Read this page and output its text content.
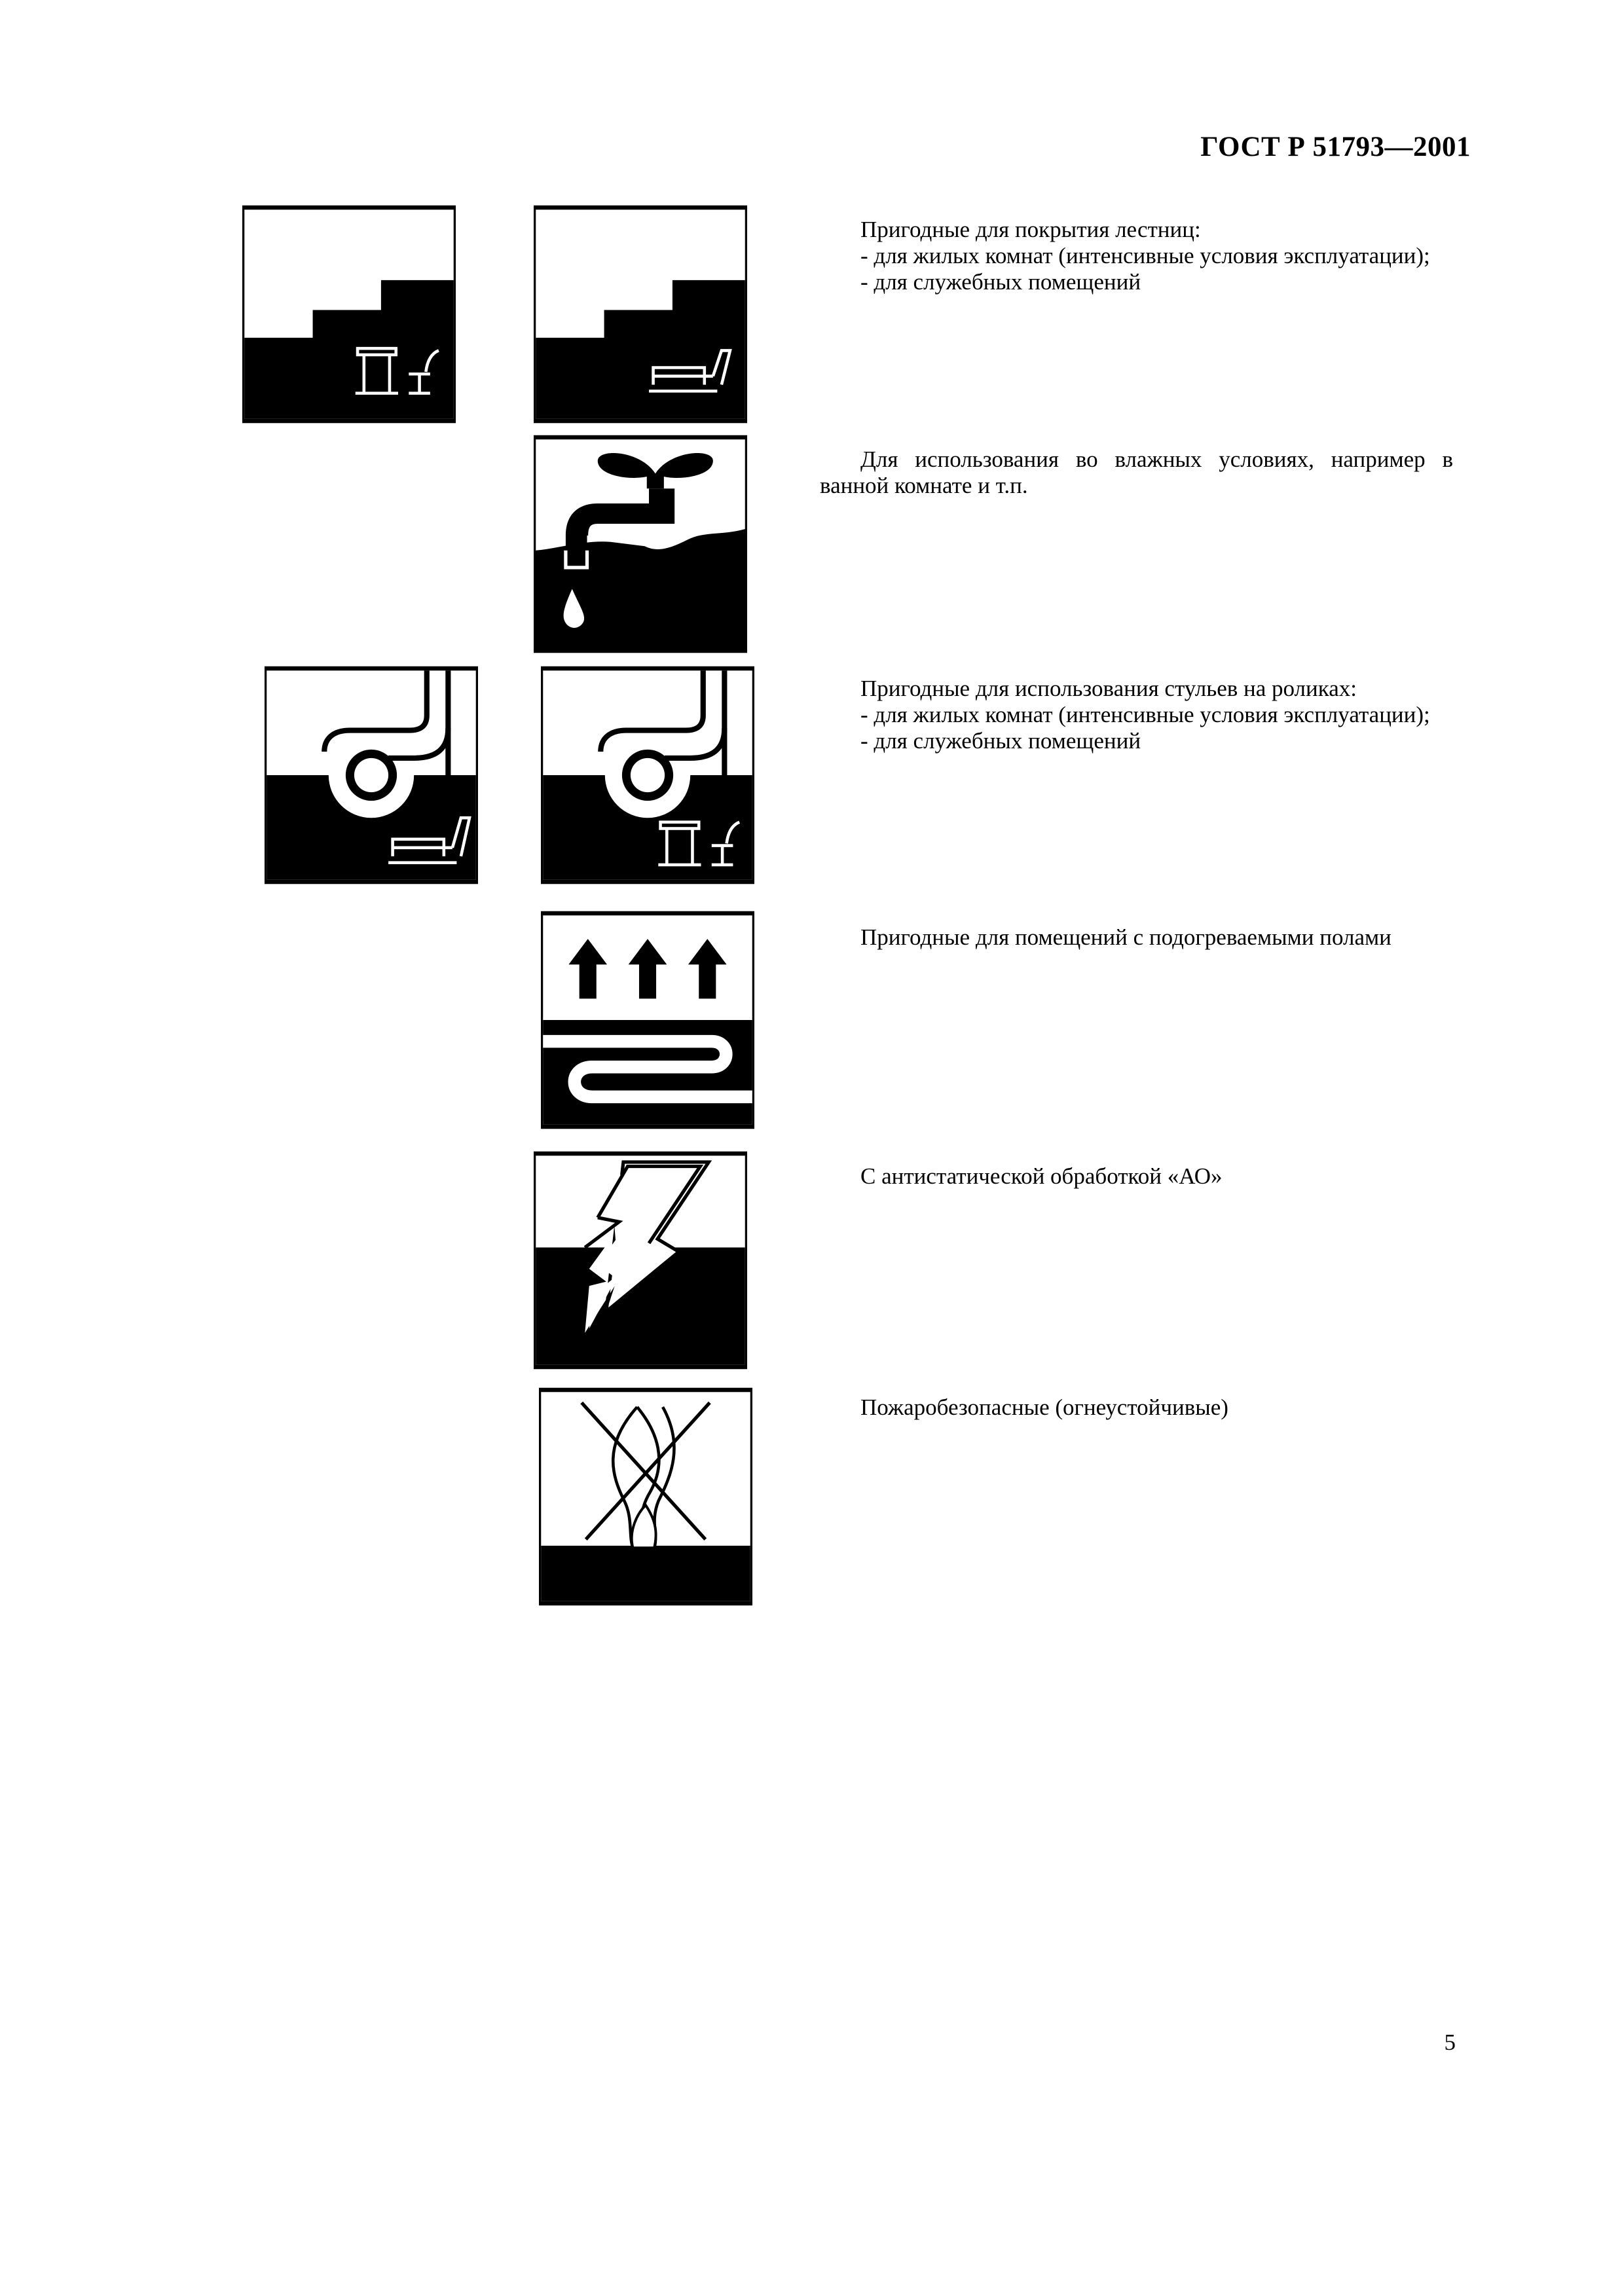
ГОСТ Р 51793—2001

Пригодные для покрытия лестниц:

- для жилых комнат (интенсивные условия эксплуатации);

- для служебных помещений

Для использования во влажных условиях, например в ванной комнате и т.п.

Пригодные для использования стульев на роликах:

- для жилых комнат (интенсивные условия эксплуатации);

- для служебных помещений

Пригодные для помещений с подогреваемыми полами

С антистатической обработкой «АО»

Пожаробезопасные (огнеустойчивые)

5
